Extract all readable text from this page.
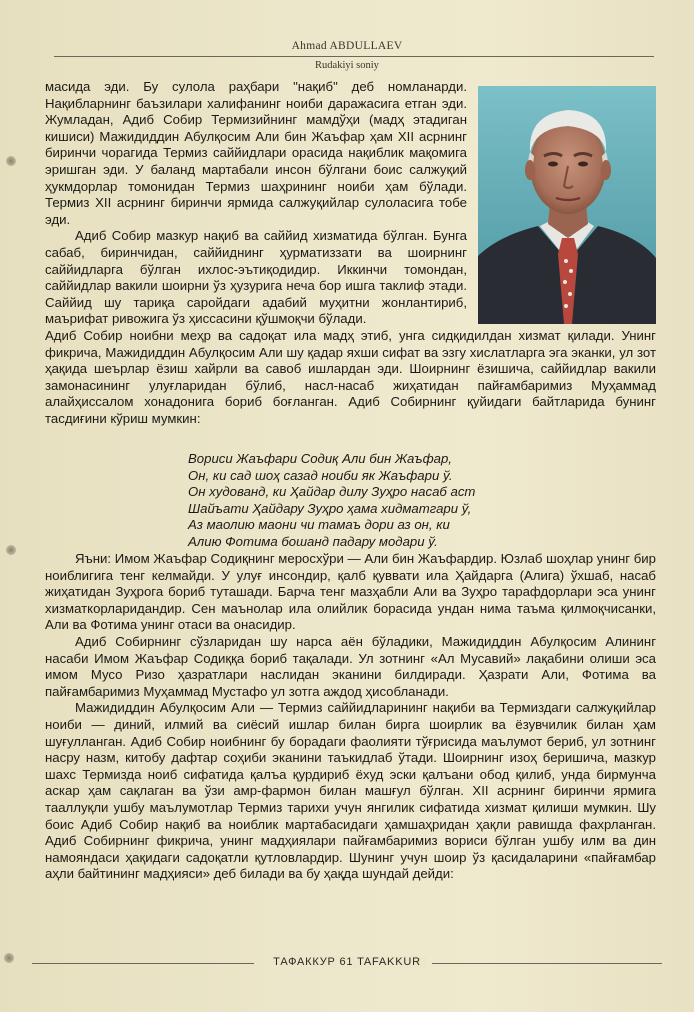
Ahmad ABDULLAEV
Rudakiyi soniy

масида эди. Бу сулола раҳбари "нақиб" деб номланарди. Нақибларнинг баъзилари халифанинг ноиби даражасига етган эди. Жумладан, Адиб Собир Термизийнинг мамдўҳи (мадҳ этадиган кишиси) Мажидиддин Абулқосим Али бин Жаъфар ҳам XII асрнинг биринчи чорагида Термиз саййидлари орасида нақиблик мақомига эришган эди. У баланд мартабали инсон бўлгани боис салжуқий ҳукмдорлар томонидан Термиз шаҳрининг ноиби ҳам бўлади. Термиз XII асрнинг биринчи ярмида салжуқийлар сулоласига тобе эди.

Адиб Собир мазкур нақиб ва саййид хизматида бўлган. Бунга сабаб, биринчидан, саййиднинг ҳурматиззати ва шоирнинг саййидларга бўлган ихлос-эътиқодидир. Иккинчи томондан, саййидлар вакили шоирни ўз ҳузурига неча бор ишга таклиф этади. Саййид шу тариқа саройдаги адабий муҳитни жонлантириб, маърифат ривожига ўз ҳиссасини қўшмоқчи бўлади.

Адиб Собир ноибни меҳр ва садоқат ила мадҳ этиб, унга сидқидилдан хизмат қилади. Унинг фикрича, Мажидиддин Абулқосим Али шу қадар яхши сифат ва эзгу хислатларга эга эканки, ул зот ҳақида шеърлар ёзиш хайрли ва савоб ишлардан эди. Шоирнинг ёзишича, саййидлар вакили замонасининг улуғларидан бўлиб, насл-насаб жиҳатидан пайғамбаримиз Муҳаммад алайҳиссалом хонадонига бориб боғланган. Адиб Собирнинг қуйидаги байтларида бунинг тасдиғини кўриш мумкин:

Вориси Жаъфари Содиқ Али бин Жаъфар,
Он, ки сад шоҳ сазад ноиби як Жаъфари ў.
Он худованд, ки Ҳайдар дилу Зуҳро насаб аст
Шайъати Ҳайдару Зуҳро ҳама хидматгари ў,
Аз маолию маони чи тамаъ дори аз он, ки
Алию Фотима бошанд падару модари ў.

Яъни: Имом Жаъфар Содиқнинг меросхўри — Али бин Жаъфардир. Юзлаб шоҳлар унинг бир ноиблигига тенг келмайди. У улуғ инсондир, қалб қуввати ила Ҳайдарга (Алига) ўхшаб, насаб жиҳатидан Зуҳрога бориб туташади. Барча тенг мазҳабли Али ва Зуҳро тарафдорлари эса унинг хизматкорларидандир. Сен маънолар ила олийлик борасида ундан нима таъма қилмоқчисанки, Али ва Фотима унинг отаси ва онасидир.

Адиб Собирнинг сўзларидан шу нарса аён бўладики, Мажидиддин Абулқосим Алининг насаби Имом Жаъфар Содиққа бориб тақалади. Ул зотнинг «Ал Мусавий» лақабини олиши эса имом Мусо Ризо ҳазратлари наслидан эканини билдиради. Ҳазрати Али, Фотима ва пайғамбаримиз Муҳаммад Мустафо ул зотга аждод ҳисобланади.

Мажидиддин Абулқосим Али — Термиз саййидларининг нақиби ва Термиздаги салжуқийлар ноиби — диний, илмий ва сиёсий ишлар билан бирга шоирлик ва ёзувчилик билан ҳам шуғулланган. Адиб Собир ноибнинг бу борадаги фаолияти тўғрисида маълумот бериб, ул зотнинг насру назм, китобу дафтар соҳиби эканини таъкидлаб ўтади. Шоирнинг изоҳ беришича, мазкур шахс Термизда ноиб сифатида қалъа қурдириб ёхуд эски қалъани обод қилиб, унда бирмунча аскар ҳам сақлаган ва ўзи амр-фармон билан машғул бўлган. XII асрнинг биринчи ярмига тааллуқли ушбу маълумотлар Термиз тарихи учун янгилик сифатида хизмат қилиши мумкин. Шу боис Адиб Собир нақиб ва ноиблик мартабасидаги ҳамшаҳридан ҳақли равишда фахрланган. Адиб Собирнинг фикрича, унинг мадҳиялари пайғамбаримиз вориси бўлган ушбу илм ва дин намояндаси ҳақидаги садоқатли қутловлардир. Шунинг учун шоир ўз қасидаларини «пайғамбар аҳли байтининг мадҳияси» деб билади ва бу ҳақда шундай дейди:

ТАФАККУР 61 TAFAKKUR
